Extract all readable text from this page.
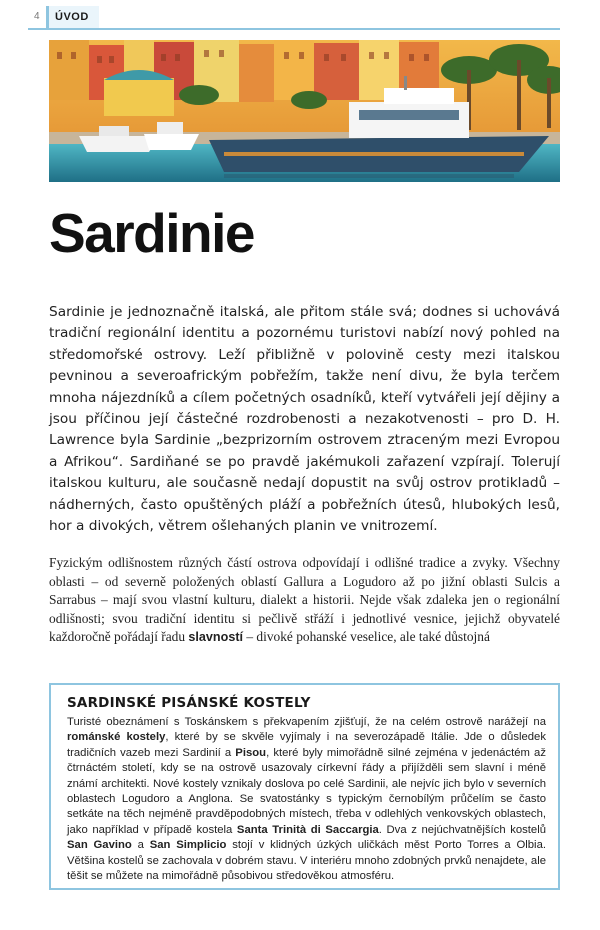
4	ÚVOD
Sardinie

Sardinie je jednoznačně italská, ale přitom stále svá; dodnes si uchovává tradiční regionální identitu a pozornému turistovi nabízí nový pohled na středomořské ostrovy. Leží přibližně v polovině cesty mezi italskou pevninou a severoafrickým pobřežím, takže není divu, že byla terčem mnoha nájezdníků a cílem početných osadníků, kteří vytvářeli její dějiny a jsou příčinou její částečné rozdrobenosti a nezakotvenosti – pro D. H. Lawrence byla Sardinie „bezprizorním ostrovem ztraceným mezi Evropou a Afrikou“. Sardiňané se po pravdě jakémukoli zařazení vzpírají. Tolerují italskou kulturu, ale současně nedají dopustit na svůj ostrov protikladů – nádherných, často opuštěných pláží a pobřežních útesů, hlubokých lesů, hor a divokých, větrem ošlehaných planin ve vnitrozemí.

Fyzickým odlišnostem různých částí ostrova odpovídají i odlišné tradice a zvyky. Všechny oblasti – od severně položených oblastí Gallura a Logudoro až po jižní oblasti Sulcis a Sarrabus – mají svou vlastní kulturu, dialekt a historii. Nejde však zdaleka jen o regionální odlišnosti; svou tradiční identitu si pečlivě střáží i jednotlivé vesnice, jejichž obyvatelé každoročně pořádají řadu slavností – divoké pohanské veselice, ale také důstojná

SARDINSKÉ PISÁNSKÉ KOSTELY

Turisté obeznámení s Toskánskem s překvapením zjišťují, že na celém ostrově narážejí na románské kostely, které by se skvěle vyjímaly i na severozápadě Itálie. Jde o důsledek tradičních vazeb mezi Sardinií a Pisou, které byly mimořádně silné zejména v jedenáctém až čtrnáctém století, kdy se na ostrově usazovaly církevní řády a přijížděli sem slavní i méně známí architekti. Nové kostely vznikaly doslova po celé Sardinii, ale nejvíc jich bylo v severních oblastech Logudoro a Anglona. Se svatostánky s typickým černobílým průčelím se často setkáte na těch nejméně pravděpodobných místech, třeba v odlehlých venkovských oblastech, jako například v případě kostela Santa Trinità di Saccargia. Dva z nejúchvatnějších kostelů San Gavino a San Simplicio stojí v klidných úzkých uličkách měst Porto Torres a Olbia. Většina kostelů se zachovala v dobrém stavu. V interiéru mnoho zdobných prvků nenajdete, ale těšit se můžete na mimořádně působivou středověkou atmosféru.
